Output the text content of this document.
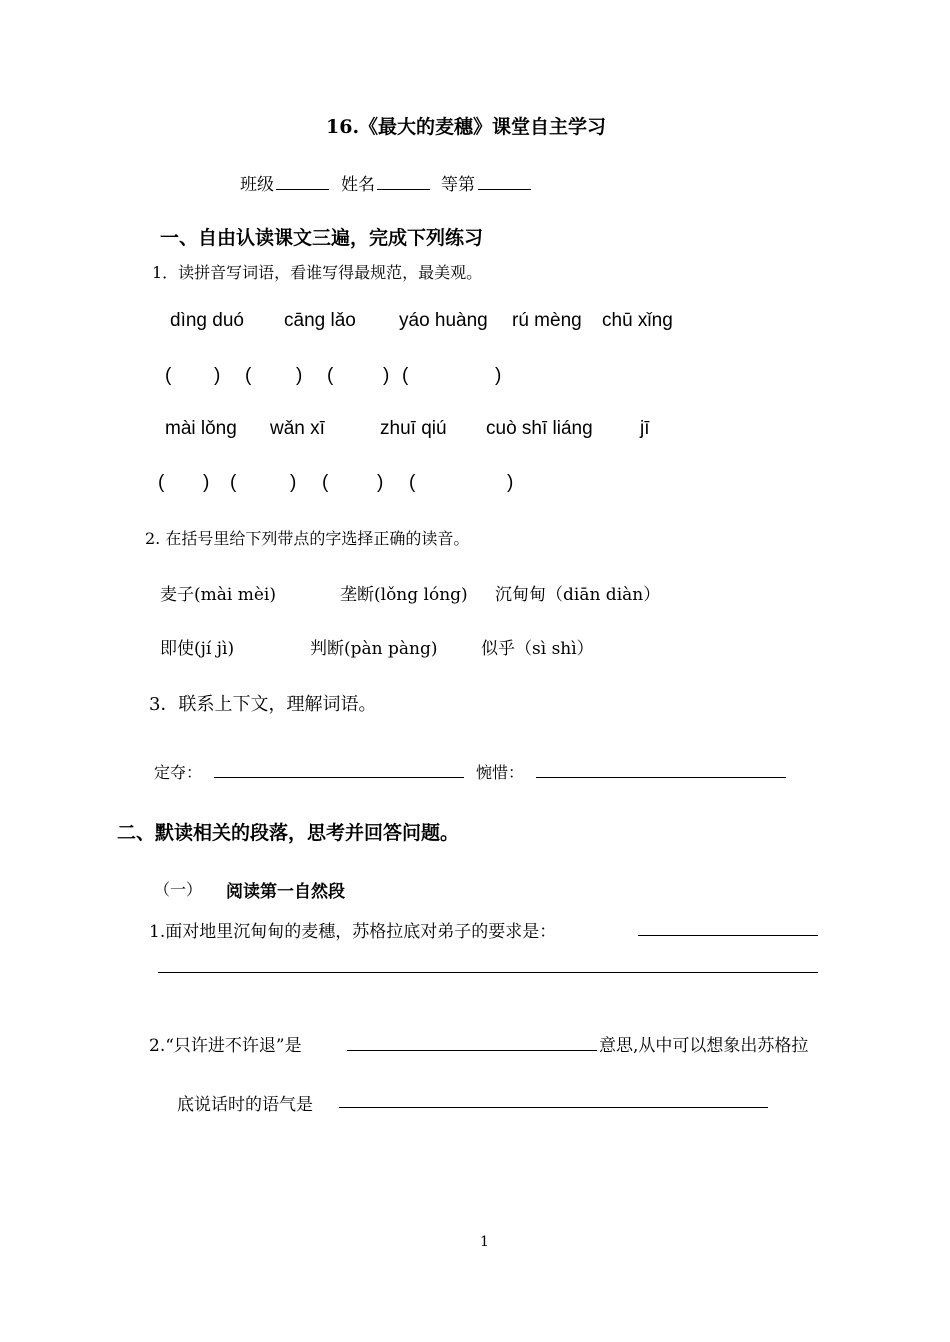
16.《最大的麦穗》课堂自主学习
班级	姓名	等第
一、自由认读课文三遍，完成下列练习
1．读拼音写词语，看谁写得最规范，最美观。
dìnɡ duó cānɡ lǎo yáo huànɡ rú mènɡ chū xǐnɡ
( ) ( ) (	) (	)
mài lǒnɡ wǎn xī	zhuī qiú cuò shī liánɡ jī
( ) (	) (	) (	)
2. 在括号里给下列带点的字选择正确的读音。
麦子(mài mèi)	垄断(lǒng lóng) 沉甸甸（diān diàn）
即使(jí jì)	判断(pàn pàng)	似乎（sì shì）
3．联系上下文，理解词语。
定夺：	惋惜：
二、默读相关的段落，思考并回答问题。
（一） 阅读第一自然段
1.面对地里沉甸甸的麦穗，苏格拉底对弟子的要求是：
2.“只许进不许退”是	意思,从中可以想象出苏格拉
底说话时的语气是
1
